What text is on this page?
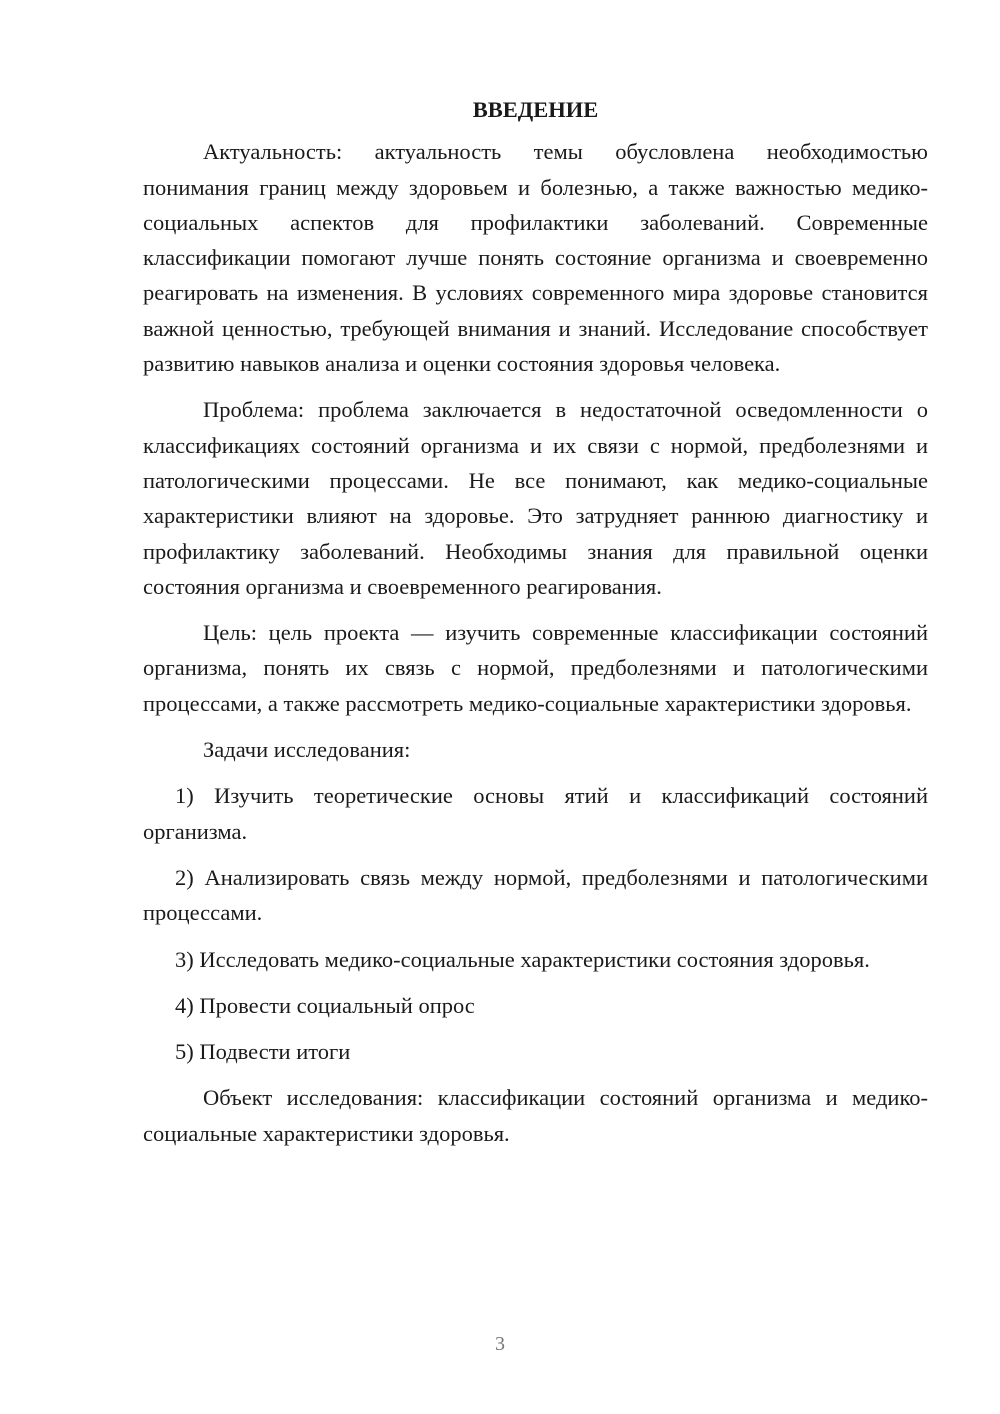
ВВЕДЕНИЕ

Актуальность: актуальность темы обусловлена необходимостью понимания границ между здоровьем и болезнью, а также важностью медико-социальных аспектов для профилактики заболеваний. Современные классификации помогают лучше понять состояние организма и своевременно реагировать на изменения. В условиях современного мира здоровье становится важной ценностью, требующей внимания и знаний. Исследование способствует развитию навыков анализа и оценки состояния здоровья человека.

Проблема: проблема заключается в недостаточной осведомленности о классификациях состояний организма и их связи с нормой, предболезнями и патологическими процессами. Не все понимают, как медико-социальные характеристики влияют на здоровье. Это затрудняет раннюю диагностику и профилактику заболеваний. Необходимы знания для правильной оценки состояния организма и своевременного реагирования.

Цель: цель проекта — изучить современные классификации состояний организма, понять их связь с нормой, предболезнями и патологическими процессами, а также рассмотреть медико-социальные характеристики здоровья.

Задачи исследования:

1) Изучить теоретические основы ятий и классификаций состояний организма.

2) Анализировать связь между нормой, предболезнями и патологическими процессами.

3) Исследовать медико-социальные характеристики состояния здоровья.

4) Провести социальный опрос

5) Подвести итоги

Объект исследования: классификации состояний организма и медико-социальные характеристики здоровья.

3
